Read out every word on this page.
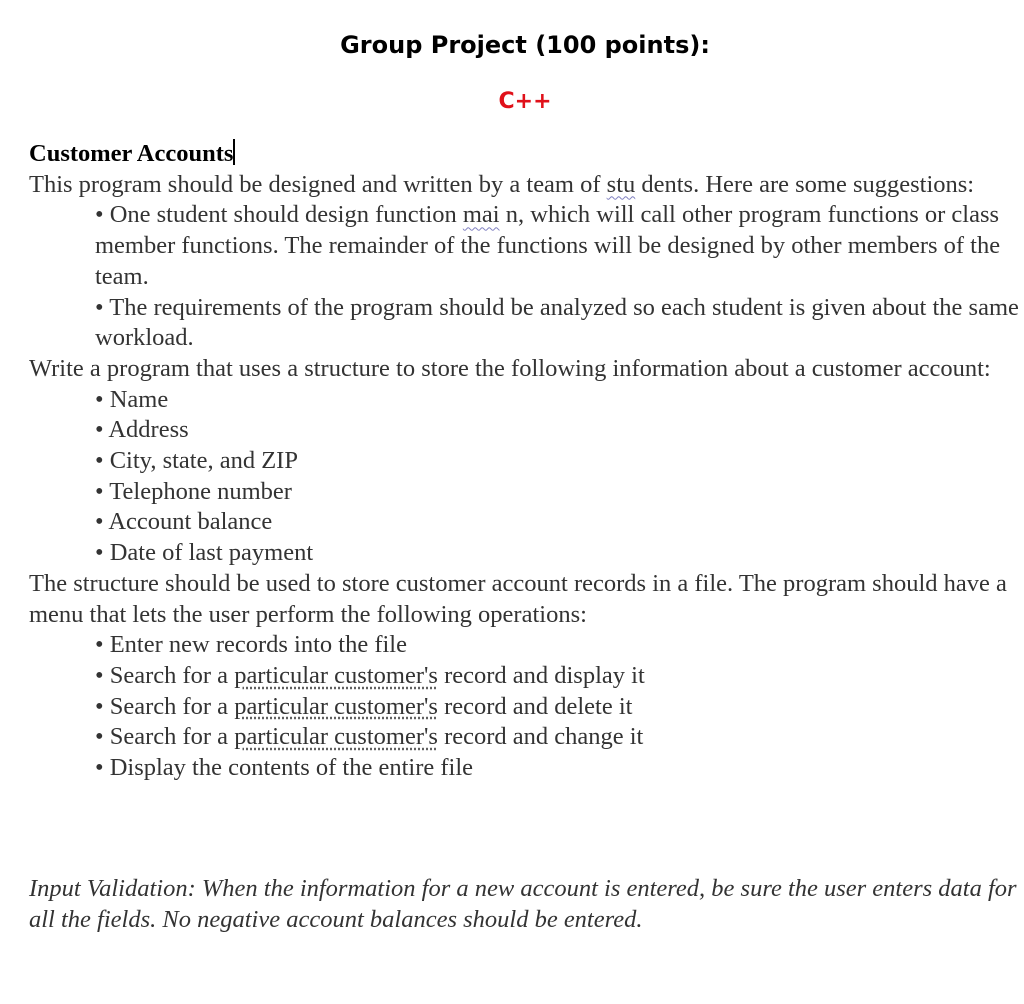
Group Project (100 points):
C++

Customer Accounts

This program should be designed and written by a team of stu dents. Here are some suggestions:

• One student should design function mai n, which will call other program functions or class member functions. The remainder of the functions will be designed by other members of the team.

• The requirements of the program should be analyzed so each student is given about the same workload.

Write a program that uses a structure to store the following information about a customer account:

• Name

• Address

• City, state, and ZIP

• Telephone number

• Account balance

• Date of last payment

The structure should be used to store customer account records in a file. The program should have a menu that lets the user perform the following operations:

• Enter new records into the file

• Search for a particular customer's record and display it

• Search for a particular customer's record and delete it

• Search for a particular customer's record and change it

• Display the contents of the entire file

Input Validation: When the information for a new account is entered, be sure the user enters data for all the fields. No negative account balances should be entered.
